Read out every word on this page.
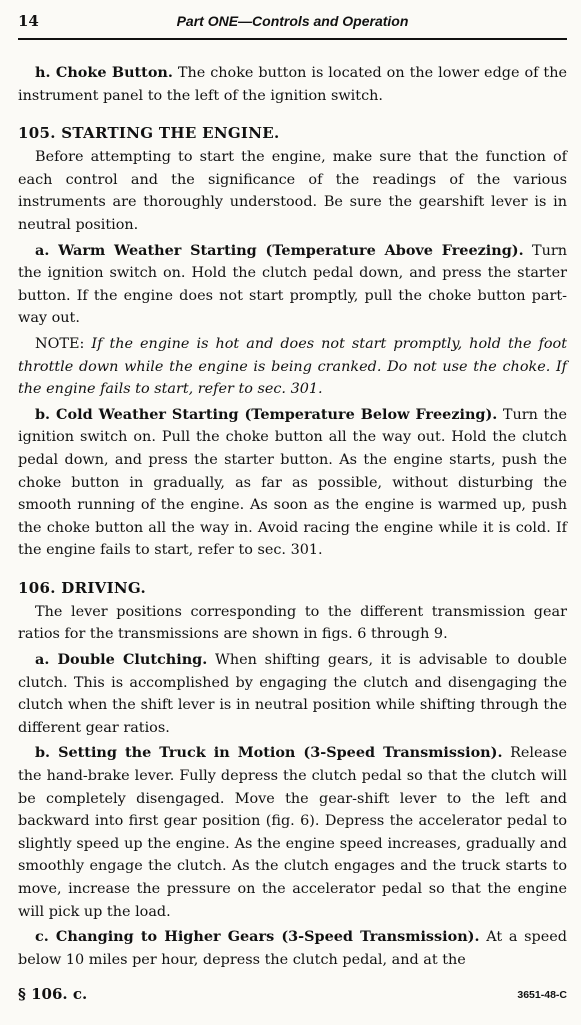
14	Part ONE—Controls and Operation

h. Choke Button. The choke button is located on the lower edge of the instrument panel to the left of the ignition switch.

105. STARTING THE ENGINE.

Before attempting to start the engine, make sure that the function of each control and the significance of the readings of the various instruments are thoroughly understood. Be sure the gearshift lever is in neutral position.

a. Warm Weather Starting (Temperature Above Freezing). Turn the ignition switch on. Hold the clutch pedal down, and press the starter button. If the engine does not start promptly, pull the choke button part-way out.

NOTE: If the engine is hot and does not start promptly, hold the foot throttle down while the engine is being cranked. Do not use the choke. If the engine fails to start, refer to sec. 301.

b. Cold Weather Starting (Temperature Below Freezing). Turn the ignition switch on. Pull the choke button all the way out. Hold the clutch pedal down, and press the starter button. As the engine starts, push the choke button in gradually, as far as possible, without disturbing the smooth running of the engine. As soon as the engine is warmed up, push the choke button all the way in. Avoid racing the engine while it is cold. If the engine fails to start, refer to sec. 301.

106. DRIVING.

The lever positions corresponding to the different transmission gear ratios for the transmissions are shown in figs. 6 through 9.

a. Double Clutching. When shifting gears, it is advisable to double clutch. This is accomplished by engaging the clutch and disengaging the clutch when the shift lever is in neutral position while shifting through the different gear ratios.

b. Setting the Truck in Motion (3-Speed Transmission). Release the hand-brake lever. Fully depress the clutch pedal so that the clutch will be completely disengaged. Move the gear-shift lever to the left and backward into first gear position (fig. 6). Depress the accelerator pedal to slightly speed up the engine. As the engine speed increases, gradually and smoothly engage the clutch. As the clutch engages and the truck starts to move, increase the pressure on the accelerator pedal so that the engine will pick up the load.

c. Changing to Higher Gears (3-Speed Transmission). At a speed below 10 miles per hour, depress the clutch pedal, and at the

§ 106. c.	3651-48-C
